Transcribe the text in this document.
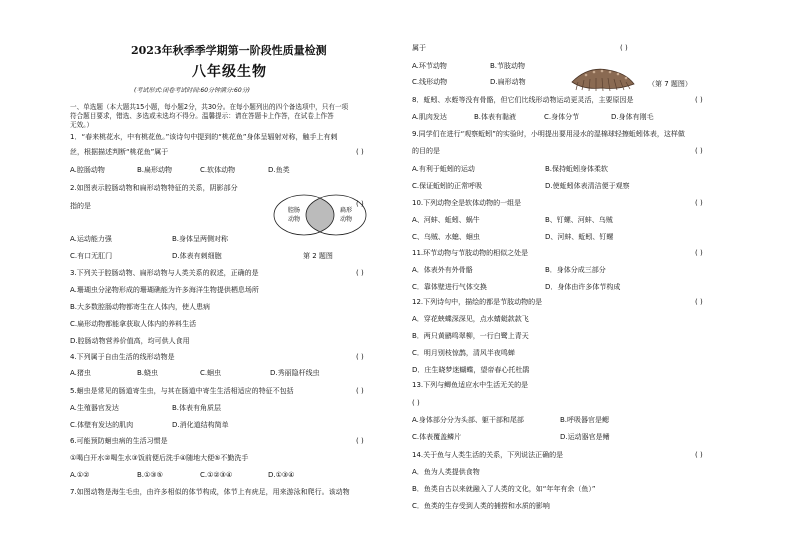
2023年秋季季学期第一阶段性质量检测
八年级生物
(考试形式:闭卷考试时间:60分钟满分:60分)
一、单选题（本大题共15小题，每小题2分，共30分。在每小题列出的四个备选项中，只有一项
符合题目要求，错选、多选或未选均不得分。温馨提示：请在答题卡上作答，在试卷上作答
无效。）
1．“春来桃花水，中有桃花鱼。”该诗句中提到的“桃花鱼”身体呈辐射对称，触手上有刺
丝，根据描述判断“桃花鱼”属于	( )
A.腔肠动物	B.扁形动物	C.软体动物	D.鱼类
2.如图表示腔肠动物和扁形动物特征的关系，阴影部分
指的是	( )
腔肠
动物
扁形
动物
A.运动能力强	B.身体呈两侧对称
C.有口无肛门	D.体表有刺细胞	第 2 题图
3.下列关于腔肠动物、扁形动物与人类关系的叙述，正确的是	( )
A.珊瑚虫分泌物形成的珊瑚礁能为许多海洋生物提供栖息场所
B.大多数腔肠动物都寄生在人体内，使人患病
C.扁形动物都能拿获取人体内的养料生活
D.腔肠动物营养价值高，均可供人食用
4.下列属于自由生活的线形动物是	( )
A.猪虫	B.蛲虫	C.蛔虫	D.秀丽隐杆线虫
5.蛔虫是常见的肠道寄生虫，与其在肠道中寄生生活相适应的特征不包括	( )
A.生殖器官发达	B.体表有角质层
C.体壁有发达的肌肉	D.消化道结构简单
6.可能预防蛔虫病的生活习惯是	( )
①喝白开水②喝生水③饭前便后洗手④随地大便⑤不勤洗手
A.①②	B.①③⑤	C.①②③④	D.①③④
7.如图动物是海生毛虫，由许多相似的体节构成，体节上有疣足，用来游泳和爬行。该动物
属于	( )
A.环节动物	B.节肢动物
C.线形动物	D.扁形动物	（第 7 题图）
8．蚯蚓、水蛭等没有骨骼，但它们比线形动物运动更灵活，主要原因是	( )
A.肌肉发达	B.体表有黏液	C.身体分节	D.身体有刚毛
9.同学们在进行“观察蚯蚓”的实验时，小明提出要用浸水的湿棉球轻擦蚯蚓体表，这样做
的目的是	( )
A.有利于蚯蚓的运动	B.保持蚯蚓身体柔软
C.保证蚯蚓的正常呼吸	D.使蚯蚓体表清洁便于观察
10.下列动物全是软体动物的一组是	( )
A、河蚌、蚯蚓、蜗牛	B、钉螺、河蚌、乌贼
C、乌贼、水螅、蛔虫	D、河蚌、蚯蚓、钉螺
11.环节动物与节肢动物的相似之处是	( )
A．体表外有外骨骼	B．身体分成三部分
C．靠体壁进行气体交换	D．身体由许多体节构成
12.下列诗句中，描绘的都是节肢动物的是	( )
A．穿花蛱蝶深深见，点水蜻蜓款款飞
B．两只黄鹂鸣翠柳，一行白鹭上青天
C．明月别枝惊鹊，清风半夜鸣蝉
D．庄生晓梦迷蝴蝶，望帝春心托杜鹃
13.下列与鲫鱼适应水中生活无关的是
( )
A.身体部分分为头部、躯干部和尾部	B.呼吸器官是鳃
C.体表覆盖鳞片	D.运动器官是鳍
14.关于鱼与人类生活的关系，下列说法正确的是	( )
A．鱼为人类提供食物
B．鱼类自古以来就融入了人类的文化，如“年年有余（鱼）”
C．鱼类的生存受到人类的捕捞和水质的影响
